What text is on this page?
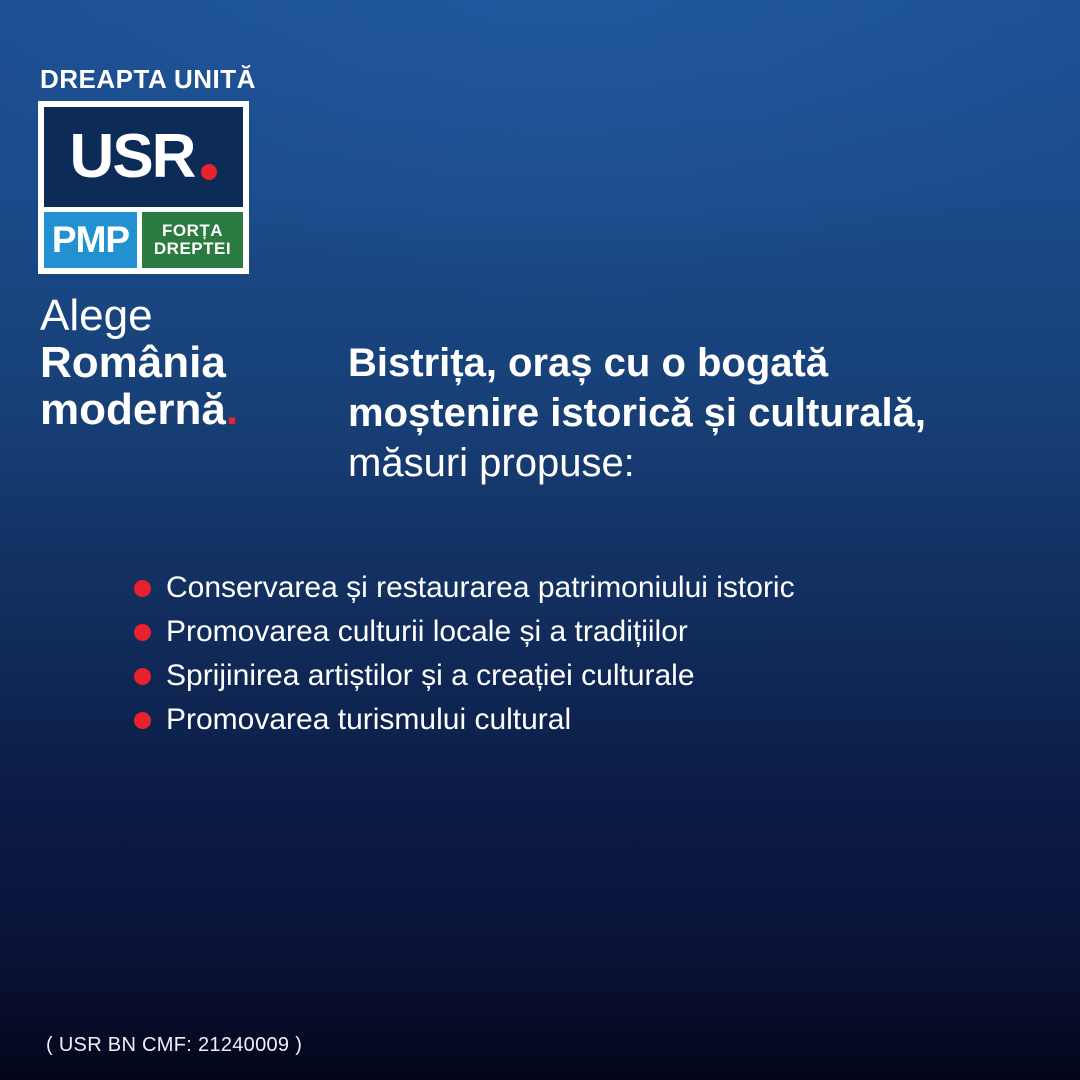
DREAPTA UNITĂ
USR
PMP FORȚA
DREPTEI
Alege
România
modernă.
Bistrița, oraș cu o bogată
moștenire istorică și culturală,
măsuri propuse:
Conservarea și restaurarea patrimoniului istoric
Promovarea culturii locale și a tradițiilor
Sprijinirea artiștilor și a creației culturale
Promovarea turismului cultural
( USR BN CMF: 21240009 )
